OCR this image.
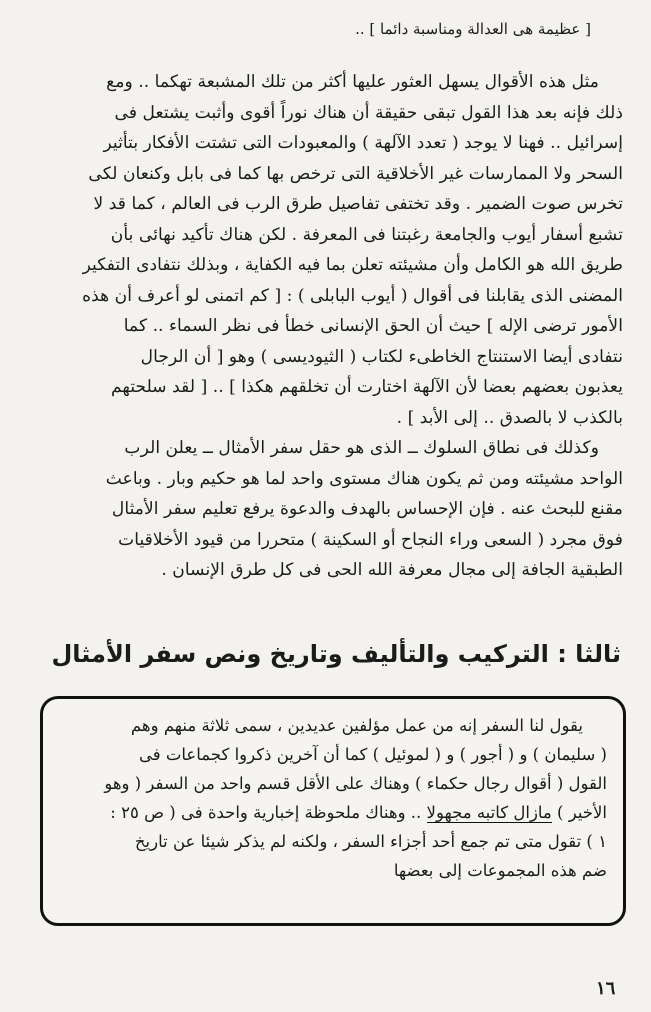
[ عظيمة هى العدالة ومناسبة دائما ] ..
مثل هذه الأقوال يسهل العثور عليها أكثر من تلك المشبعة تهكما .. ومع
ذلك فإنه بعد هذا القول تبقى حقيقة أن هناك نوراً أقوى وأثبت يشتعل فى
إسرائيل .. فهنا لا يوجد ( تعدد الآلهة ) والمعبودات التى تشتت الأفكار بتأثير
السحر ولا الممارسات غير الأخلاقية التى ترخص بها كما فى بابل وكنعان لكى
تخرس صوت الضمير . وقد تختفى تفاصيل طرق الرب فى العالم ، كما قد لا
تشبع أسفار أيوب والجامعة رغبتنا فى المعرفة . لكن هناك تأكيد نهائى بأن
طريق الله هو الكامل وأن مشيئته تعلن بما فيه الكفاية ، وبذلك نتفادى التفكير
المضنى الذى يقابلنا فى أقوال ( أيوب البابلى ) : [ كم اتمنى لو أعرف أن هذه
الأمور ترضى الإله ] حيث أن الحق الإنسانى خطأ فى نظر السماء .. كما
نتفادى أيضا الاستنتاج الخاطىء لكتاب ( الثيوديسى ) وهو [ أن الرجال
يعذبون بعضهم بعضا لأن الآلهة اختارت أن تخلقهم هكذا ] .. [ لقد سلحتهم
بالكذب لا بالصدق .. إلى الأبد ] .
وكذلك فى نطاق السلوك ــ الذى هو حقل سفر الأمثال ــ يعلن الرب
الواحد مشيئته ومن ثم يكون هناك مستوى واحد لما هو حكيم وبار . وباعث
مقنع للبحث عنه . فإن الإحساس بالهدف والدعوة يرفع تعليم سفر الأمثال
فوق مجرد ( السعى وراء النجاح أو السكينة ) متحررا من قيود الأخلاقيات
الطبقية الجافة إلى مجال معرفة الله الحى فى كل طرق الإنسان .
ثالثا : التركيب والتأليف وتاريخ ونص سفر الأمثال
يقول لنا السفر إنه من عمل مؤلفين عديدين ، سمى ثلاثة منهم وهم
( سليمان ) و ( أجور ) و ( لموئيل ) كما أن آخرين ذكروا كجماعات فى
القول ( أقوال رجال حكماء ) وهناك على الأقل قسم واحد من السفر ( وهو
الأخير ) مازال كاتبه مجهولا .. وهناك ملحوظة إخبارية واحدة فى ( ص ٢٥ :
١ ) تقول متى تم جمع أحد أجزاء السفر ، ولكنه لم يذكر شيئا عن تاريخ
ضم هذه المجموعات إلى بعضها
١٦
